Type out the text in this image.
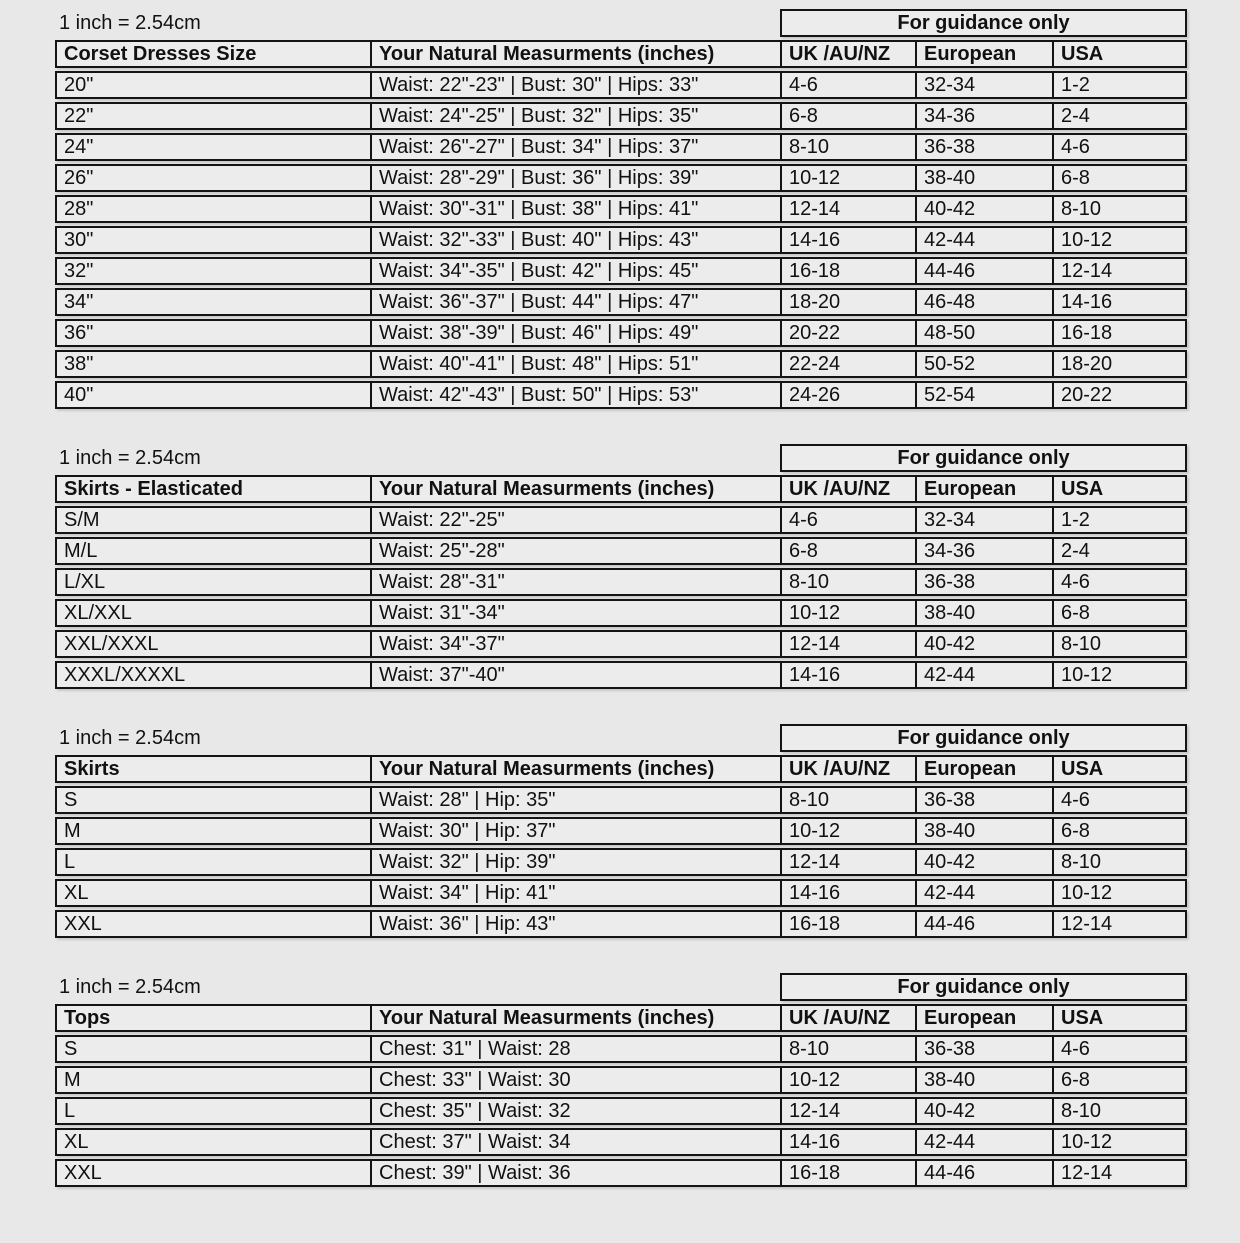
1 inch = 2.54cm		For guidance only		
Corset Dresses Size	Your Natural Measurments (inches)	UK /AU/NZ	European	USA
20"	Waist: 22"-23" | Bust: 30" | Hips: 33"	4-6	32-34	1-2
22"	Waist: 24"-25" | Bust: 32" | Hips: 35"	6-8	34-36	2-4
24"	Waist: 26"-27" | Bust: 34" | Hips: 37"	8-10	36-38	4-6
26"	Waist: 28"-29" | Bust: 36" | Hips: 39"	10-12	38-40	6-8
28"	Waist: 30"-31" | Bust: 38" | Hips: 41"	12-14	40-42	8-10
30"	Waist: 32"-33" | Bust: 40" | Hips: 43"	14-16	42-44	10-12
32"	Waist: 34"-35" | Bust: 42" | Hips: 45"	16-18	44-46	12-14
34"	Waist: 36"-37" | Bust: 44" | Hips: 47"	18-20	46-48	14-16
36"	Waist: 38"-39" | Bust: 46" | Hips: 49"	20-22	48-50	16-18
38"	Waist: 40"-41" | Bust: 48" | Hips: 51"	22-24	50-52	18-20
40"	Waist: 42"-43" | Bust: 50" | Hips: 53"	24-26	52-54	20-22
1 inch = 2.54cm		For guidance only		
Skirts - Elasticated	Your Natural Measurments (inches)	UK /AU/NZ	European	USA
S/M	Waist: 22"-25"	4-6	32-34	1-2
M/L	Waist: 25"-28"	6-8	34-36	2-4
L/XL	Waist: 28"-31"	8-10	36-38	4-6
XL/XXL	Waist: 31"-34"	10-12	38-40	6-8
XXL/XXXL	Waist: 34"-37"	12-14	40-42	8-10
XXXL/XXXXL	Waist: 37"-40"	14-16	42-44	10-12
1 inch = 2.54cm		For guidance only		
Skirts	Your Natural Measurments (inches)	UK /AU/NZ	European	USA
S	Waist: 28" | Hip: 35"	8-10	36-38	4-6
M	Waist: 30" | Hip: 37"	10-12	38-40	6-8
L	Waist: 32" | Hip: 39"	12-14	40-42	8-10
XL	Waist: 34" | Hip: 41"	14-16	42-44	10-12
XXL	Waist: 36" | Hip: 43"	16-18	44-46	12-14
1 inch = 2.54cm		For guidance only		
Tops	Your Natural Measurments (inches)	UK /AU/NZ	European	USA
S	Chest: 31" | Waist: 28	8-10	36-38	4-6
M	Chest: 33" | Waist: 30	10-12	38-40	6-8
L	Chest: 35" | Waist: 32	12-14	40-42	8-10
XL	Chest: 37" | Waist: 34	14-16	42-44	10-12
XXL	Chest: 39" | Waist: 36	16-18	44-46	12-14
